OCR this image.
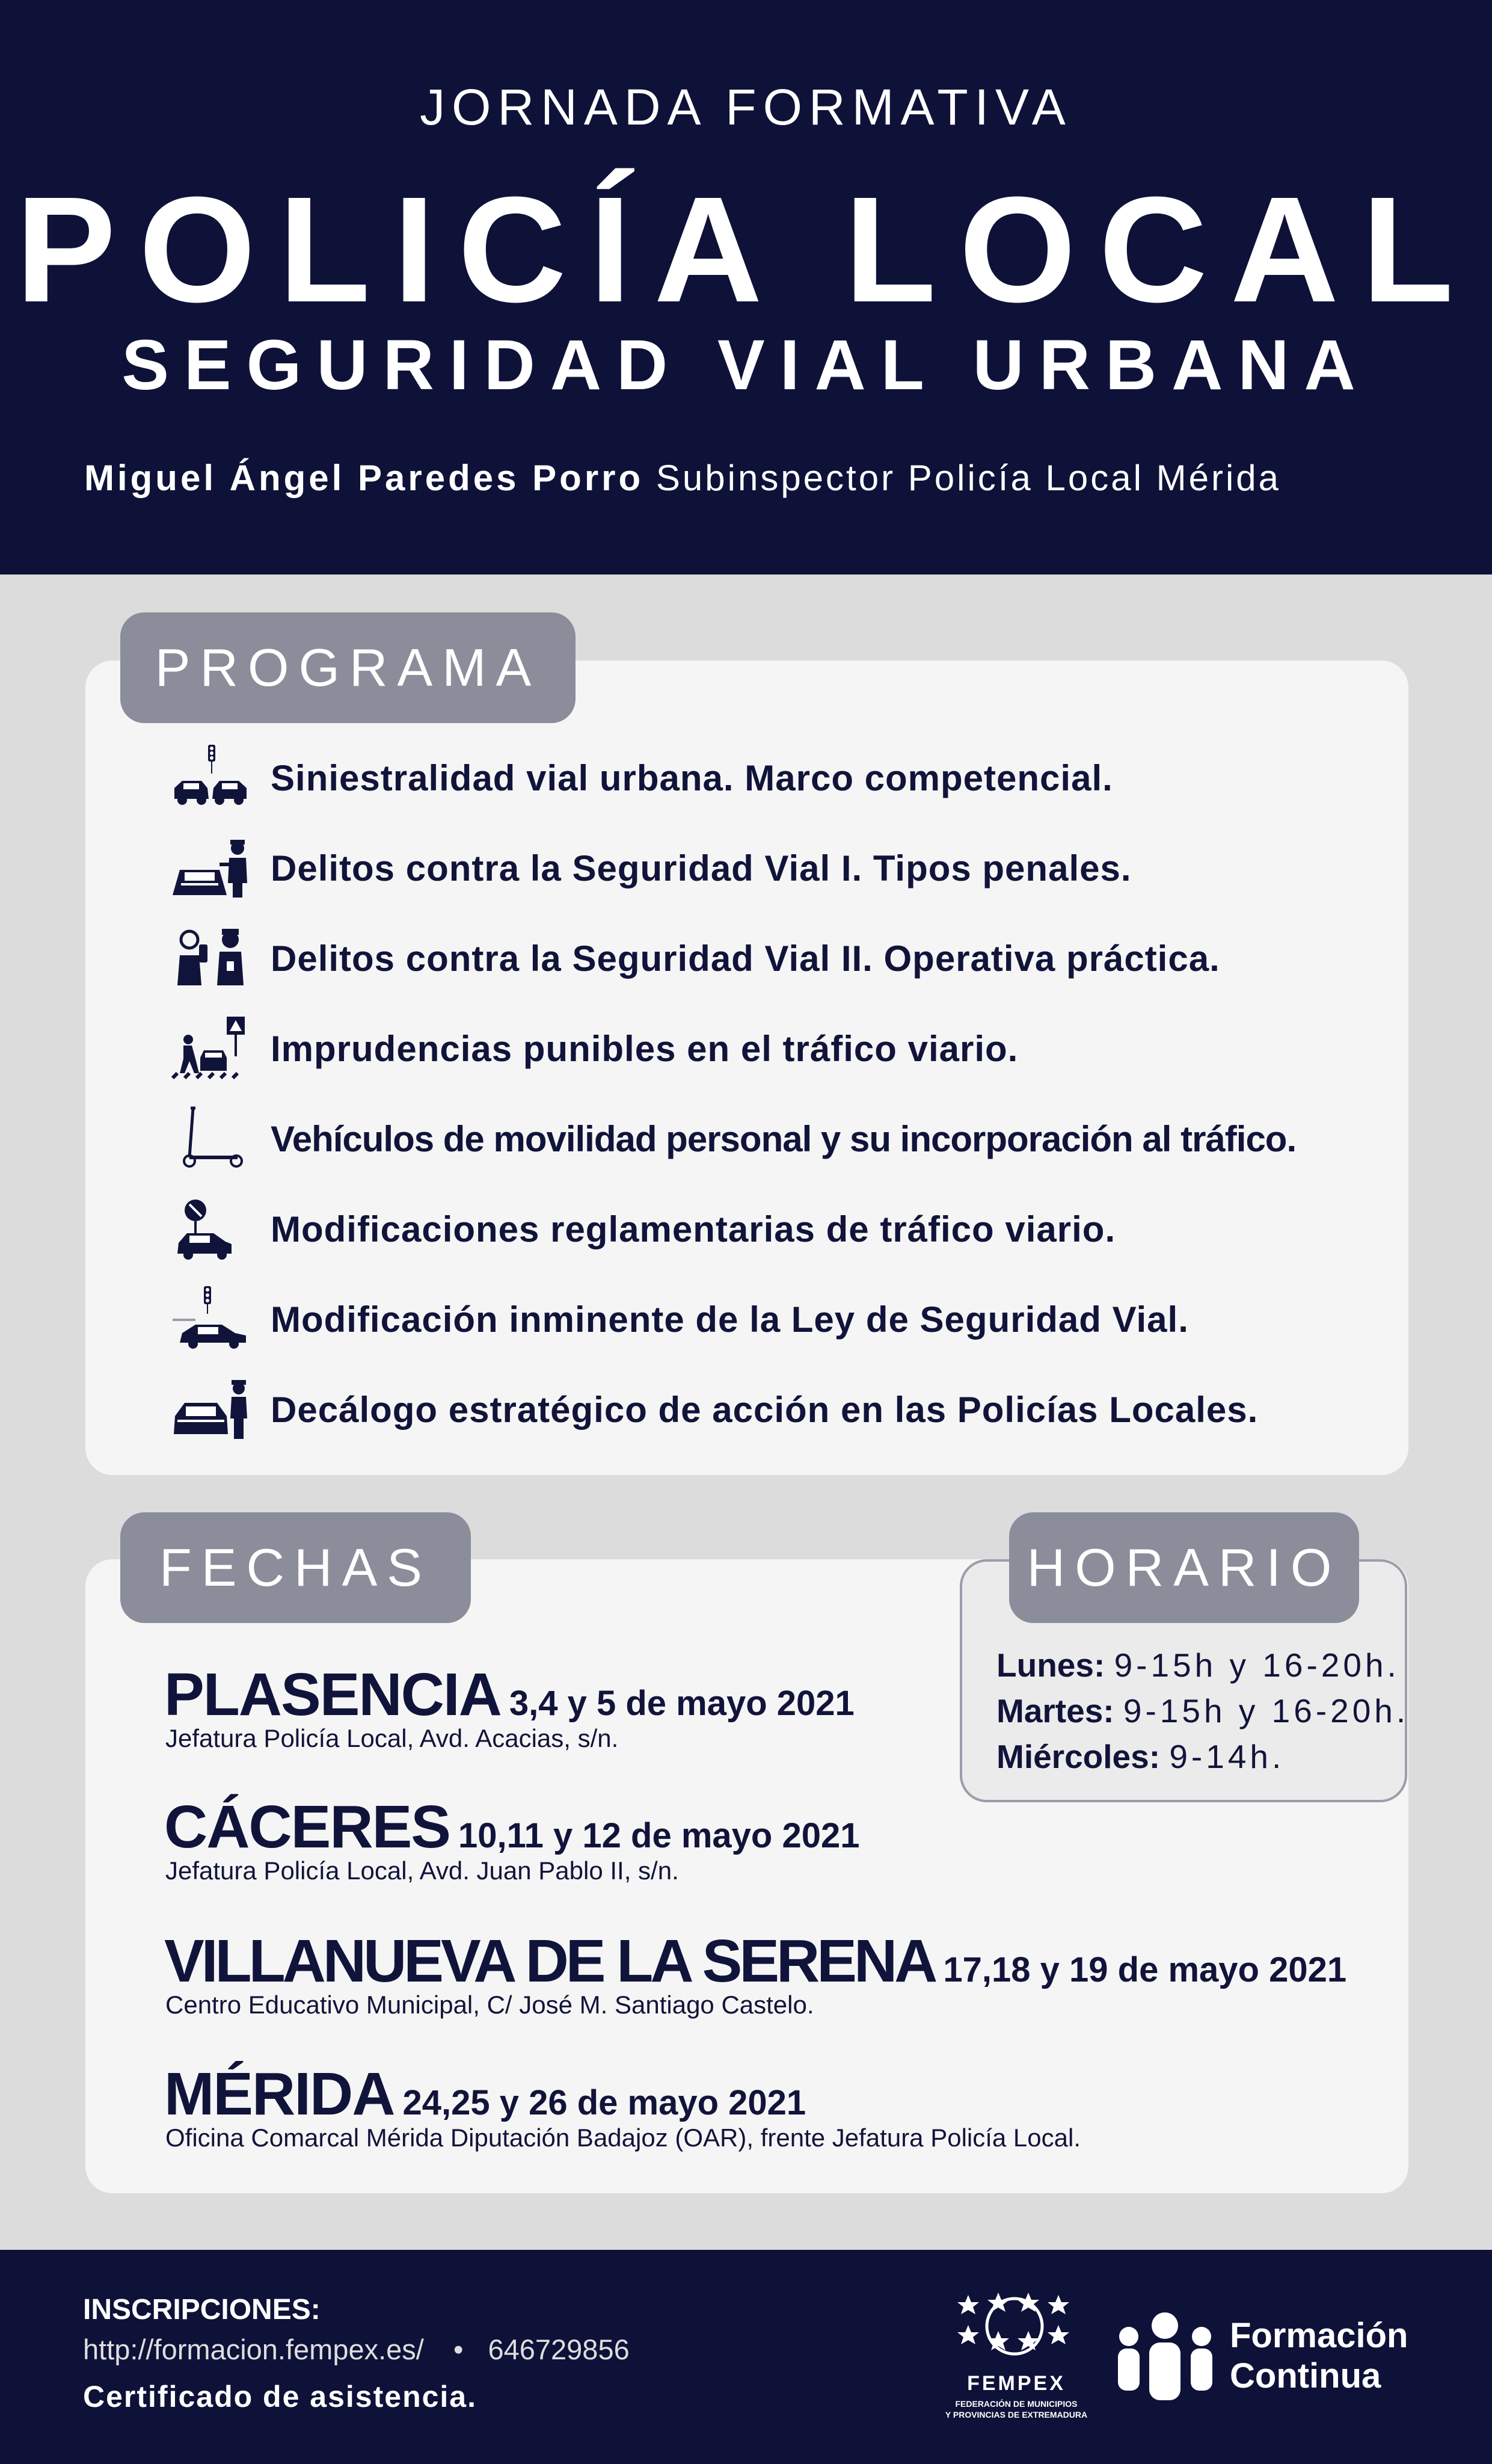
JORNADA FORMATIVA
POLICÍA LOCAL
SEGURIDAD VIAL URBANA
Miguel Ángel Paredes Porro Subinspector Policía Local Mérida
PROGRAMA
Siniestralidad vial urbana. Marco competencial.
Delitos contra la Seguridad Vial I. Tipos penales.
Delitos contra la Seguridad Vial II. Operativa práctica.
Imprudencias punibles en el tráfico viario.
Vehículos de movilidad personal y su incorporación al tráfico.
Modificaciones reglamentarias de tráfico viario.
Modificación inminente de la Ley de Seguridad Vial.
Decálogo estratégico de acción en las Policías Locales.
FECHAS
PLASENCIA 3,4 y 5 de mayo 2021
Jefatura Policía Local, Avd. Acacias, s/n.
CÁCERES 10,11 y 12 de mayo 2021
Jefatura Policía Local, Avd. Juan Pablo II, s/n.
VILLANUEVA DE LA SERENA 17,18 y 19 de mayo 2021
Centro Educativo Municipal, C/ José M. Santiago Castelo.
MÉRIDA 24,25 y 26 de mayo 2021
Oficina Comarcal Mérida Diputación Badajoz (OAR), frente Jefatura Policía Local.
HORARIO
Lunes: 9-15h y 16-20h.
Martes: 9-15h y 16-20h.
Miércoles: 9-14h.
INSCRIPCIONES:
http://formacion.fempex.es/ • 646729856
Certificado de asistencia.	FEMPEX
FEDERACIÓN DE MUNICIPIOS
Y PROVINCIAS DE EXTREMADURA
Formación
Continua
